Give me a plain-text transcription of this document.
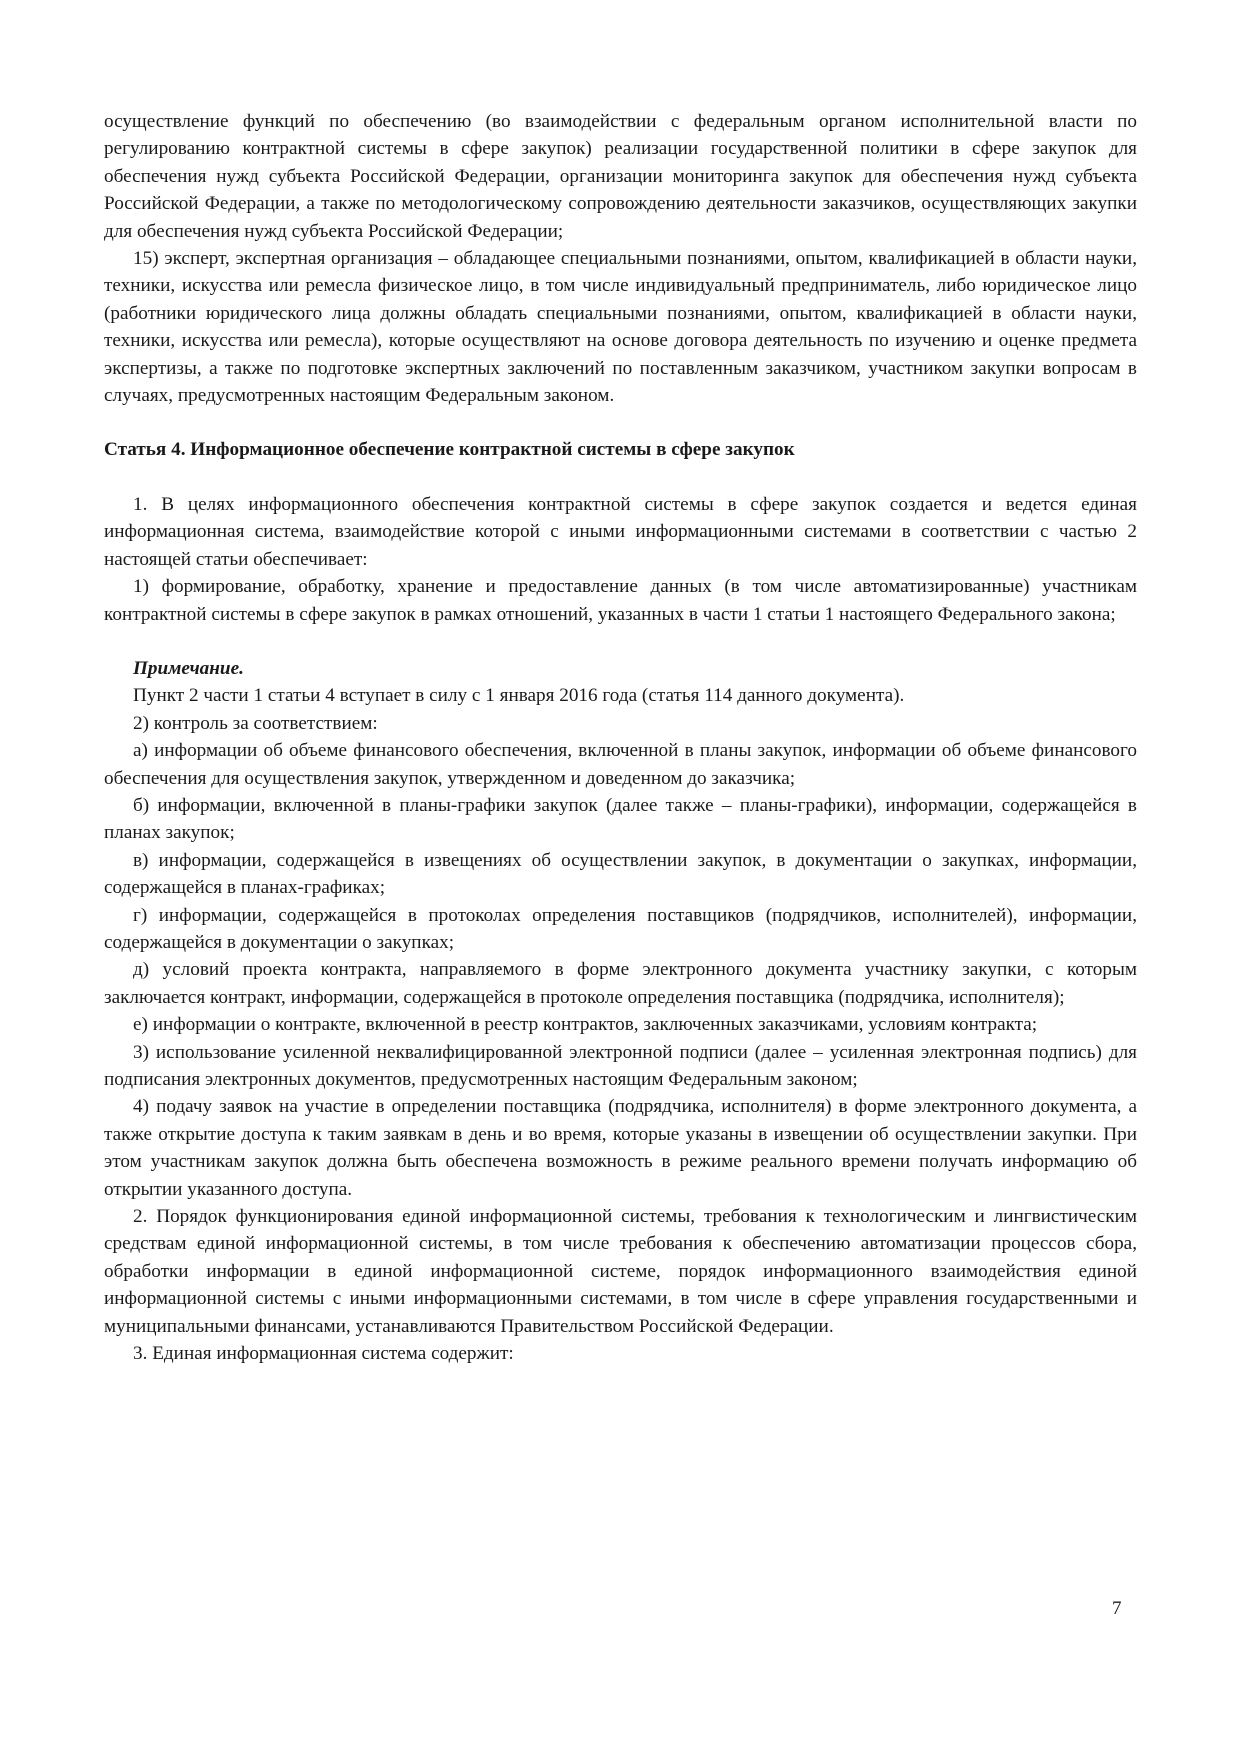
осуществление функций по обеспечению (во взаимодействии с федеральным органом исполнительной власти по регулированию контрактной системы в сфере закупок) реализации государственной политики в сфере закупок для обеспечения нужд субъекта Российской Федерации, организации мониторинга закупок для обеспечения нужд субъекта Российской Федерации, а также по методологическому сопровождению деятельности заказчиков, осуществляющих закупки для обеспечения нужд субъекта Российской Федерации;

15) эксперт, экспертная организация – обладающее специальными познаниями, опытом, квалификацией в области науки, техники, искусства или ремесла физическое лицо, в том числе индивидуальный предприниматель, либо юридическое лицо (работники юридического лица должны обладать специальными познаниями, опытом, квалификацией в области науки, техники, искусства или ремесла), которые осуществляют на основе договора деятельность по изучению и оценке предмета экспертизы, а также по подготовке экспертных заключений по поставленным заказчиком, участником закупки вопросам в случаях, предусмотренных настоящим Федеральным законом.

Статья 4. Информационное обеспечение контрактной системы в сфере закупок

1. В целях информационного обеспечения контрактной системы в сфере закупок создается и ведется единая информационная система, взаимодействие которой с иными информационными системами в соответствии с частью 2 настоящей статьи обеспечивает:

1) формирование, обработку, хранение и предоставление данных (в том числе автоматизированные) участникам контрактной системы в сфере закупок в рамках отношений, указанных в части 1 статьи 1 настоящего Федерального закона;

Примечание.

Пункт 2 части 1 статьи 4 вступает в силу с 1 января 2016 года (статья 114 данного документа).

2) контроль за соответствием:

а) информации об объеме финансового обеспечения, включенной в планы закупок, информации об объеме финансового обеспечения для осуществления закупок, утвержденном и доведенном до заказчика;

б) информации, включенной в планы-графики закупок (далее также – планы-графики), информации, содержащейся в планах закупок;

в) информации, содержащейся в извещениях об осуществлении закупок, в документации о закупках, информации, содержащейся в планах-графиках;

г) информации, содержащейся в протоколах определения поставщиков (подрядчиков, исполнителей), информации, содержащейся в документации о закупках;

д) условий проекта контракта, направляемого в форме электронного документа участнику закупки, с которым заключается контракт, информации, содержащейся в протоколе определения поставщика (подрядчика, исполнителя);

е) информации о контракте, включенной в реестр контрактов, заключенных заказчиками, условиям контракта;

3) использование усиленной неквалифицированной электронной подписи (далее – усиленная электронная подпись) для подписания электронных документов, предусмотренных настоящим Федеральным законом;

4) подачу заявок на участие в определении поставщика (подрядчика, исполнителя) в форме электронного документа, а также открытие доступа к таким заявкам в день и во время, которые указаны в извещении об осуществлении закупки. При этом участникам закупок должна быть обеспечена возможность в режиме реального времени получать информацию об открытии указанного доступа.

2. Порядок функционирования единой информационной системы, требования к технологическим и лингвистическим средствам единой информационной системы, в том числе требования к обеспечению автоматизации процессов сбора, обработки информации в единой информационной системе, порядок информационного взаимодействия единой информационной системы с иными информационными системами, в том числе в сфере управления государственными и муниципальными финансами, устанавливаются Правительством Российской Федерации.

3. Единая информационная система содержит:

7
